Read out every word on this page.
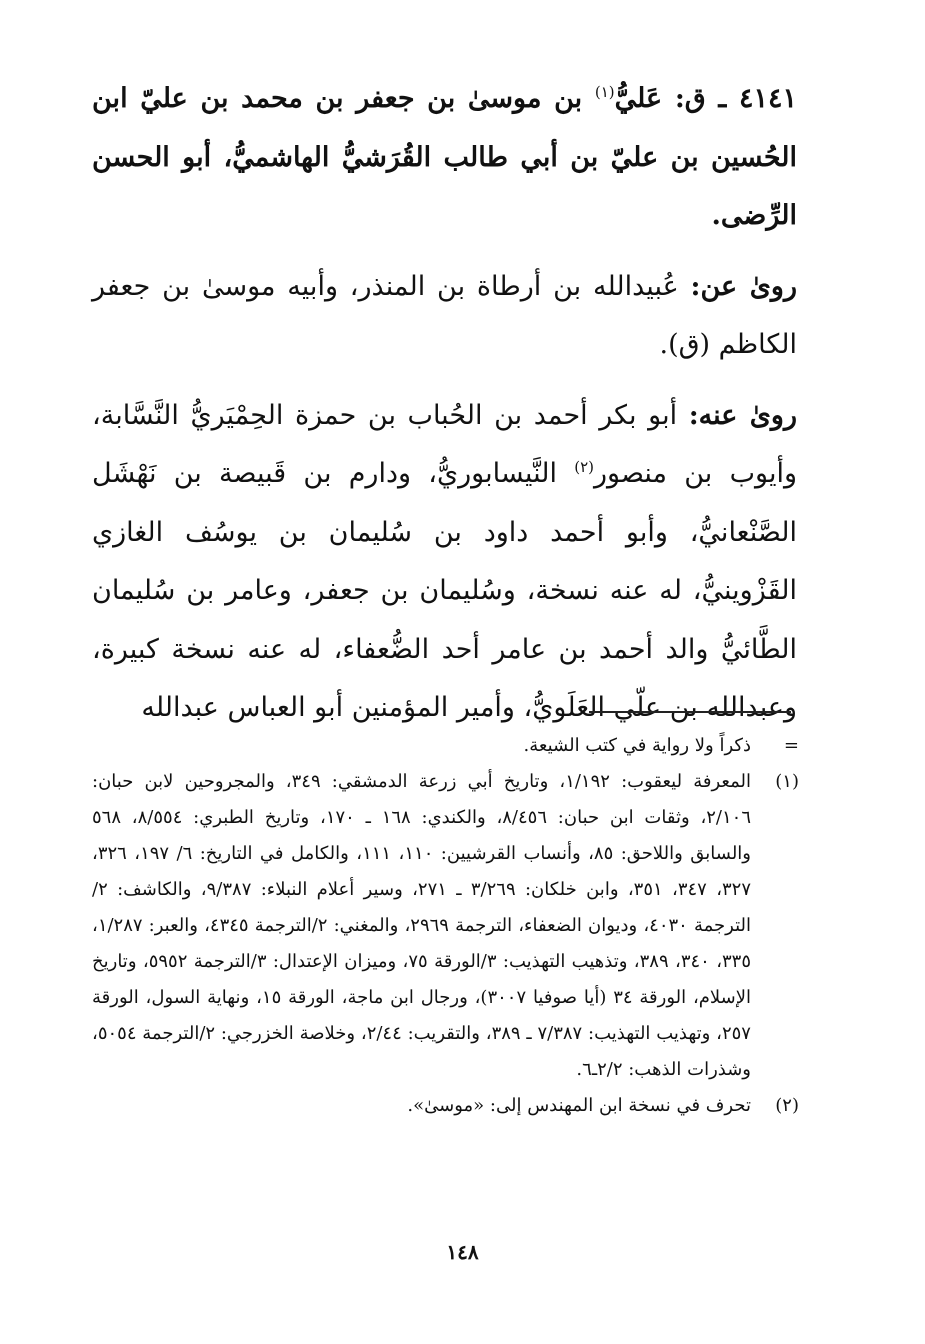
٤١٤١ ـ ق: عَليُّ$^{(١)}$ بن موسىٰ بن جعفر بن محمد بن عليّ ابن الحُسين بن عليّ بن أبي طالب القُرَشيُّ الهاشميُّ، أبو الحسن الرِّضى.

روىٰ عن: عُبيدالله بن أرطاة بن المنذر، وأبيه موسىٰ بن جعفر الكاظم (ق).

روىٰ عنه: أبو بكر أحمد بن الحُباب بن حمزة الحِمْيَريُّ النَّسَّابة، وأيوب بن منصور$^{(٢)}$ النَّيسابوريُّ، ودارم بن قَبيصة بن نَهْشَل الصَّنْعانيُّ، وأبو أحمد داود بن سُليمان بن يوسُف الغازي القَزْوينيُّ، له عنه نسخة، وسُليمان بن جعفر، وعامر بن سُليمان الطَّائيُّ والد أحمد بن عامر أحد الضُّعفاء، له عنه نسخة كبيرة، وعبدالله بن علّي العَلَويُّ، وأمير المؤمنين أبو العباس عبدالله

=
ذكراً ولا رواية في كتب الشيعة.
(١)
المعرفة ليعقوب: ١/١٩٢، وتاريخ أبي زرعة الدمشقي: ٣٤٩، والمجروحين لابن حبان: ٢/١٠٦، وثقات ابن حبان: ٨/٤٥٦، والكندي: ١٦٨ ـ ١٧٠، وتاريخ الطبري: ٨/٥٥٤، ٥٦٨ والسابق واللاحق: ٨٥، وأنساب القرشيين: ١١٠، ١١١، والكامل في التاريخ: ٦/ ١٩٧، ٣٢٦، ٣٢٧، ٣٤٧، ٣٥١، وابن خلكان: ٣/٢٦٩ ـ ٢٧١، وسير أعلام النبلاء: ٩/٣٨٧، والكاشف: ٢/الترجمة ٤٠٣٠، وديوان الضعفاء، الترجمة ٢٩٦٩، والمغني: ٢/الترجمة ٤٣٤٥، والعبر: ١/٢٨٧، ٣٣٥، ٣٤٠، ٣٨٩، وتذهيب التهذيب: ٣/الورقة ٧٥، وميزان الإعتدال: ٣/الترجمة ٥٩٥٢، وتاريخ الإسلام، الورقة ٣٤ (أيا صوفيا ٣٠٠٧)، ورجال ابن ماجة، الورقة ١٥، ونهاية السول، الورقة ٢٥٧، وتهذيب التهذيب: ٧/٣٨٧ ـ ٣٨٩، والتقريب: ٢/٤٤، وخلاصة الخزرجي: ٢/الترجمة ٥٠٥٤، وشذرات الذهب: ٢/٢ـ٦.
(٢)
تحرف في نسخة ابن المهندس إلى: «موسىٰ».
١٤٨
